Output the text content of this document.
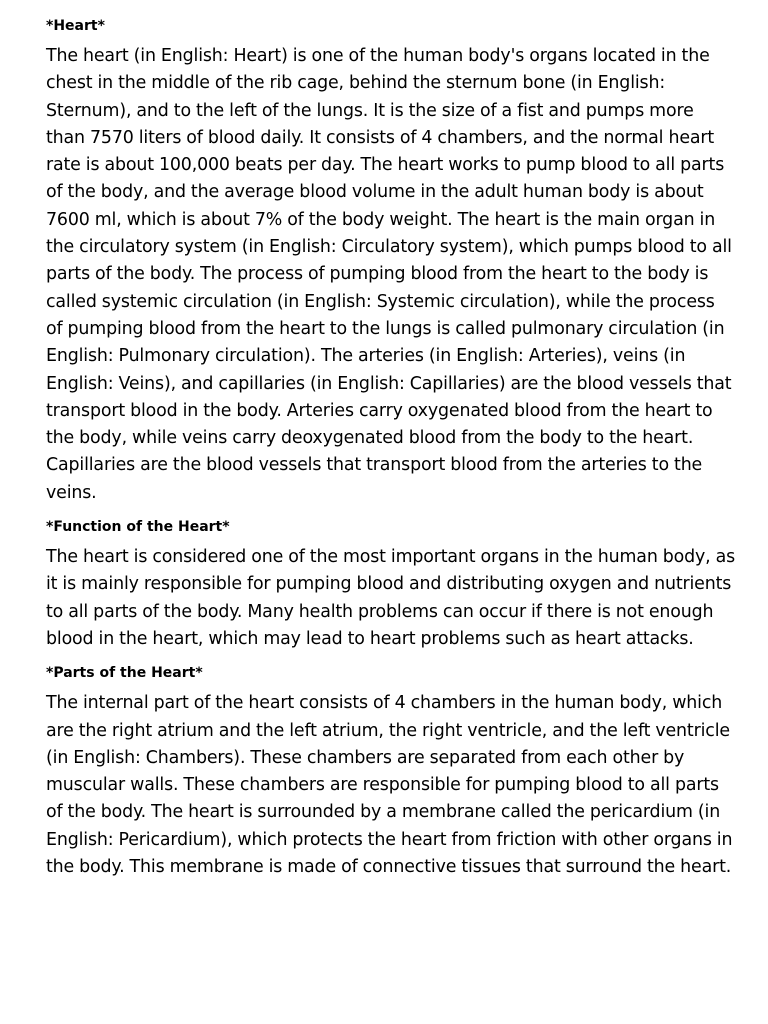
*Heart*

The heart (in English: Heart) is one of the human body's organs located in the chest in the middle of the rib cage, behind the sternum bone (in English: Sternum), and to the left of the lungs. It is the size of a fist and pumps more than 7570 liters of blood daily. It consists of 4 chambers, and the normal heart rate is about 100,000 beats per day. The heart works to pump blood to all parts of the body, and the average blood volume in the adult human body is about 7600 ml, which is about 7% of the body weight. The heart is the main organ in the circulatory system (in English: Circulatory system), which pumps blood to all parts of the body. The process of pumping blood from the heart to the body is called systemic circulation (in English: Systemic circulation), while the process of pumping blood from the heart to the lungs is called pulmonary circulation (in English: Pulmonary circulation). The arteries (in English: Arteries), veins (in English: Veins), and capillaries (in English: Capillaries) are the blood vessels that transport blood in the body. Arteries carry oxygenated blood from the heart to the body, while veins carry deoxygenated blood from the body to the heart. Capillaries are the blood vessels that transport blood from the arteries to the veins.

*Function of the Heart*

The heart is considered one of the most important organs in the human body, as it is mainly responsible for pumping blood and distributing oxygen and nutrients to all parts of the body. Many health problems can occur if there is not enough blood in the heart, which may lead to heart problems such as heart attacks.

*Parts of the Heart*

The internal part of the heart consists of 4 chambers in the human body, which are the right atrium and the left atrium, the right ventricle, and the left ventricle (in English: Chambers). These chambers are separated from each other by muscular walls. These chambers are responsible for pumping blood to all parts of the body. The heart is surrounded by a membrane called the pericardium (in English: Pericardium), which protects the heart from friction with other organs in the body. This membrane is made of connective tissues that surround the heart.
